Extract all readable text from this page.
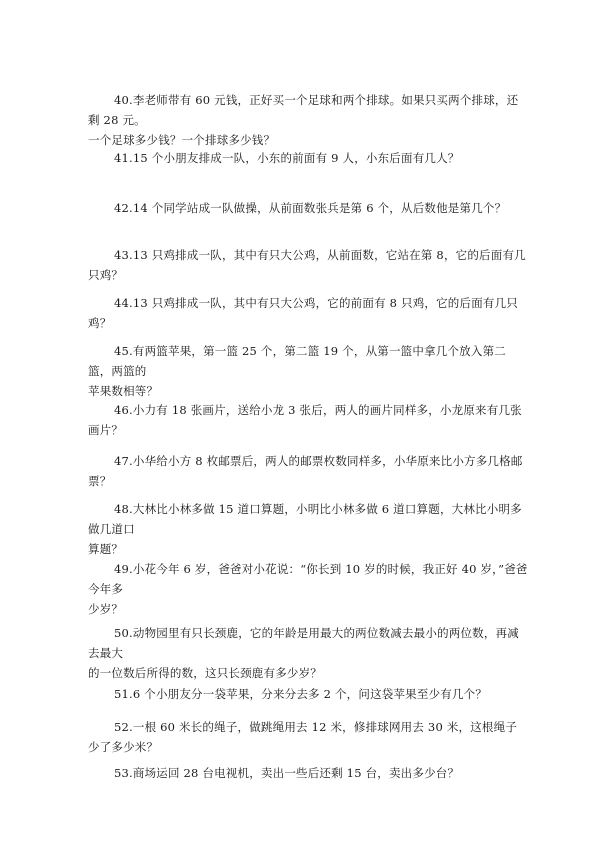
40.李老师带有 60 元钱，正好买一个足球和两个排球。如果只买两个排球，还剩 28 元。
一个足球多少钱？一个排球多少钱？
41.15 个小朋友排成一队，小东的前面有 9 人，小东后面有几人？
42.14 个同学站成一队做操，从前面数张兵是第 6 个，从后数他是第几个？
43.13 只鸡排成一队，其中有只大公鸡，从前面数，它站在第 8，它的后面有几只鸡？
44.13 只鸡排成一队，其中有只大公鸡，它的前面有 8 只鸡，它的后面有几只鸡？
45.有两篮苹果，第一篮 25 个，第二篮 19 个，从第一篮中拿几个放入第二篮，两篮的
苹果数相等？
46.小力有 18 张画片，送给小龙 3 张后，两人的画片同样多，小龙原来有几张画片？
47.小华给小方 8 枚邮票后，两人的邮票枚数同样多，小华原来比小方多几格邮票？
48.大林比小林多做 15 道口算题，小明比小林多做 6 道口算题，大林比小明多做几道口
算题？
49.小花今年 6 岁，爸爸对小花说：“你长到 10 岁的时候，我正好 40 岁，”爸爸今年多
少岁？
50.动物园里有只长颈鹿，它的年龄是用最大的两位数减去最小的两位数，再减去最大
的一位数后所得的数，这只长颈鹿有多少岁？
51.6 个小朋友分一袋苹果，分来分去多 2 个，问这袋苹果至少有几个？
52.一根 60 米长的绳子，做跳绳用去 12 米，修排球网用去 30 米，这根绳子少了多少米？
53.商场运回 28 台电视机，卖出一些后还剩 15 台，卖出多少台？
